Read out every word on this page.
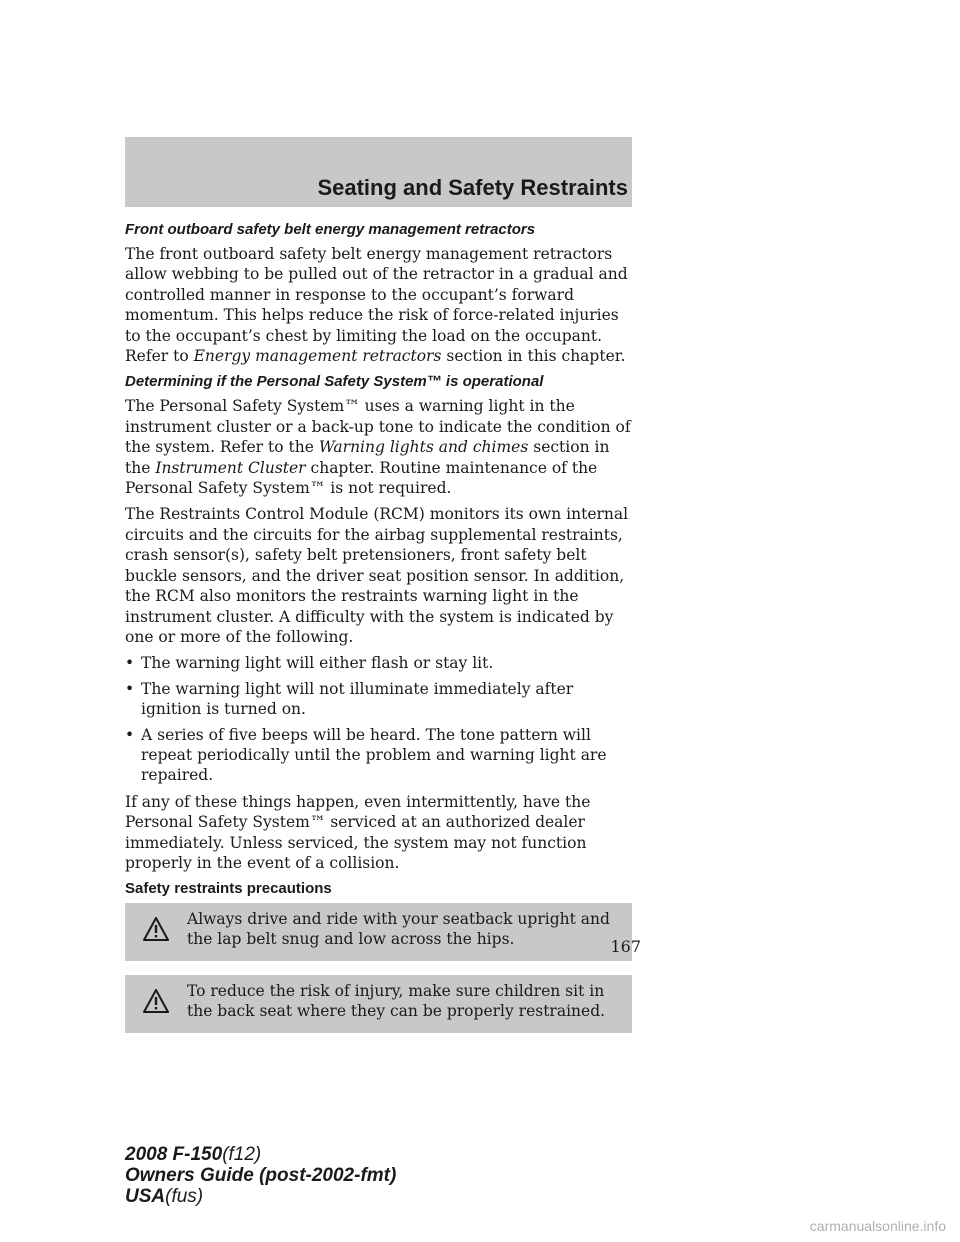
Seating and Safety Restraints
Front outboard safety belt energy management retractors

The front outboard safety belt energy management retractors allow webbing to be pulled out of the retractor in a gradual and controlled manner in response to the occupant’s forward momentum. This helps reduce the risk of force-related injuries to the occupant’s chest by limiting the load on the occupant. Refer to Energy management retractors section in this chapter.

Determining if the Personal Safety System™ is operational

The Personal Safety System™ uses a warning light in the instrument cluster or a back-up tone to indicate the condition of the system. Refer to the Warning lights and chimes section in the Instrument Cluster chapter. Routine maintenance of the Personal Safety System™ is not required.

The Restraints Control Module (RCM) monitors its own internal circuits and the circuits for the airbag supplemental restraints, crash sensor(s), safety belt pretensioners, front safety belt buckle sensors, and the driver seat position sensor. In addition, the RCM also monitors the restraints warning light in the instrument cluster. A difficulty with the system is indicated by one or more of the following.

• The warning light will either flash or stay lit.
• The warning light will not illuminate immediately after ignition is turned on.
• A series of five beeps will be heard. The tone pattern will repeat periodically until the problem and warning light are repaired.

If any of these things happen, even intermittently, have the Personal Safety System™ serviced at an authorized dealer immediately. Unless serviced, the system may not function properly in the event of a collision.

Safety restraints precautions
Always drive and ride with your seatback upright and the lap belt snug and low across the hips.
To reduce the risk of injury, make sure children sit in the back seat where they can be properly restrained.
167
2008 F-150(f12)
Owners Guide (post-2002-fmt)
USA(fus)
carmanualsonline.info
